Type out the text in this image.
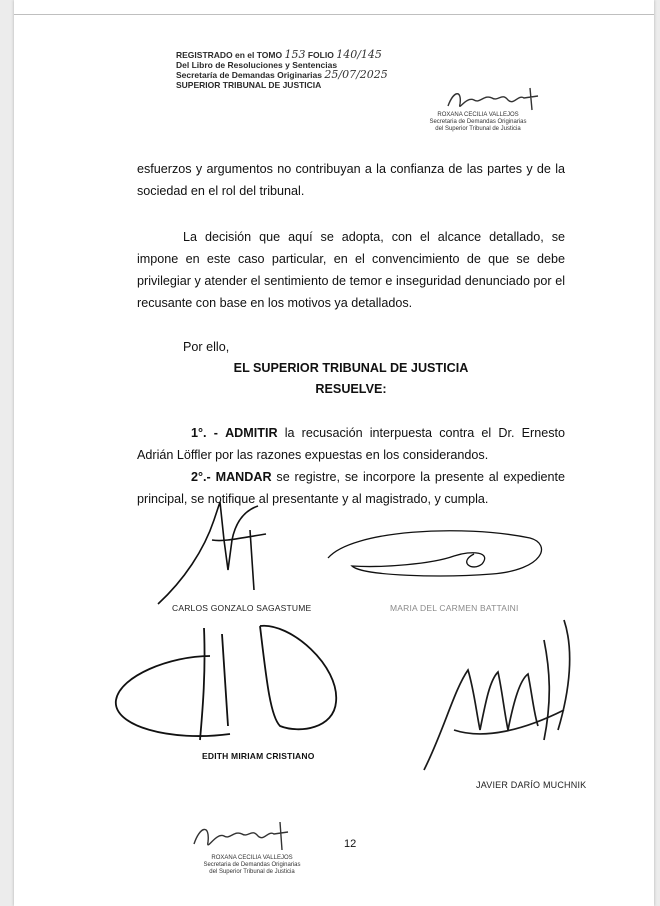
REGISTRADO en el TOMO 153 FOLIO 140/145
Del Libro de Resoluciones y Sentencias
Secretaría de Demandas Originarias 25/07/2025
SUPERIOR TRIBUNAL DE JUSTICIA
ROXANA CECILIA VALLEJOS
Secretaria de Demandas Originarias
del Superior Tribunal de Justicia
esfuerzos y argumentos no contribuyan a la confianza de las partes y de la sociedad en el rol del tribunal.
La decisión que aquí se adopta, con el alcance detallado, se impone en este caso particular, en el convencimiento de que se debe privilegiar y atender el sentimiento de temor e inseguridad denunciado por el recusante con base en los motivos ya detallados.
Por ello,
EL SUPERIOR TRIBUNAL DE JUSTICIA
RESUELVE:
1°. - ADMITIR la recusación interpuesta contra el Dr. Ernesto Adrián Löffler por las razones expuestas en los considerandos.
2°.- MANDAR se registre, se incorpore la presente al expediente principal, se notifique al presentante y al magistrado, y cumpla.
CARLOS GONZALO SAGASTUME	MARIA DEL CARMEN BATTAINI
EDITH MIRIAM CRISTIANO
JAVIER DARÍO MUCHNIK
12
ROXANA CECILIA VALLEJOS
Secretaria de Demandas Originarias
del Superior Tribunal de Justicia
